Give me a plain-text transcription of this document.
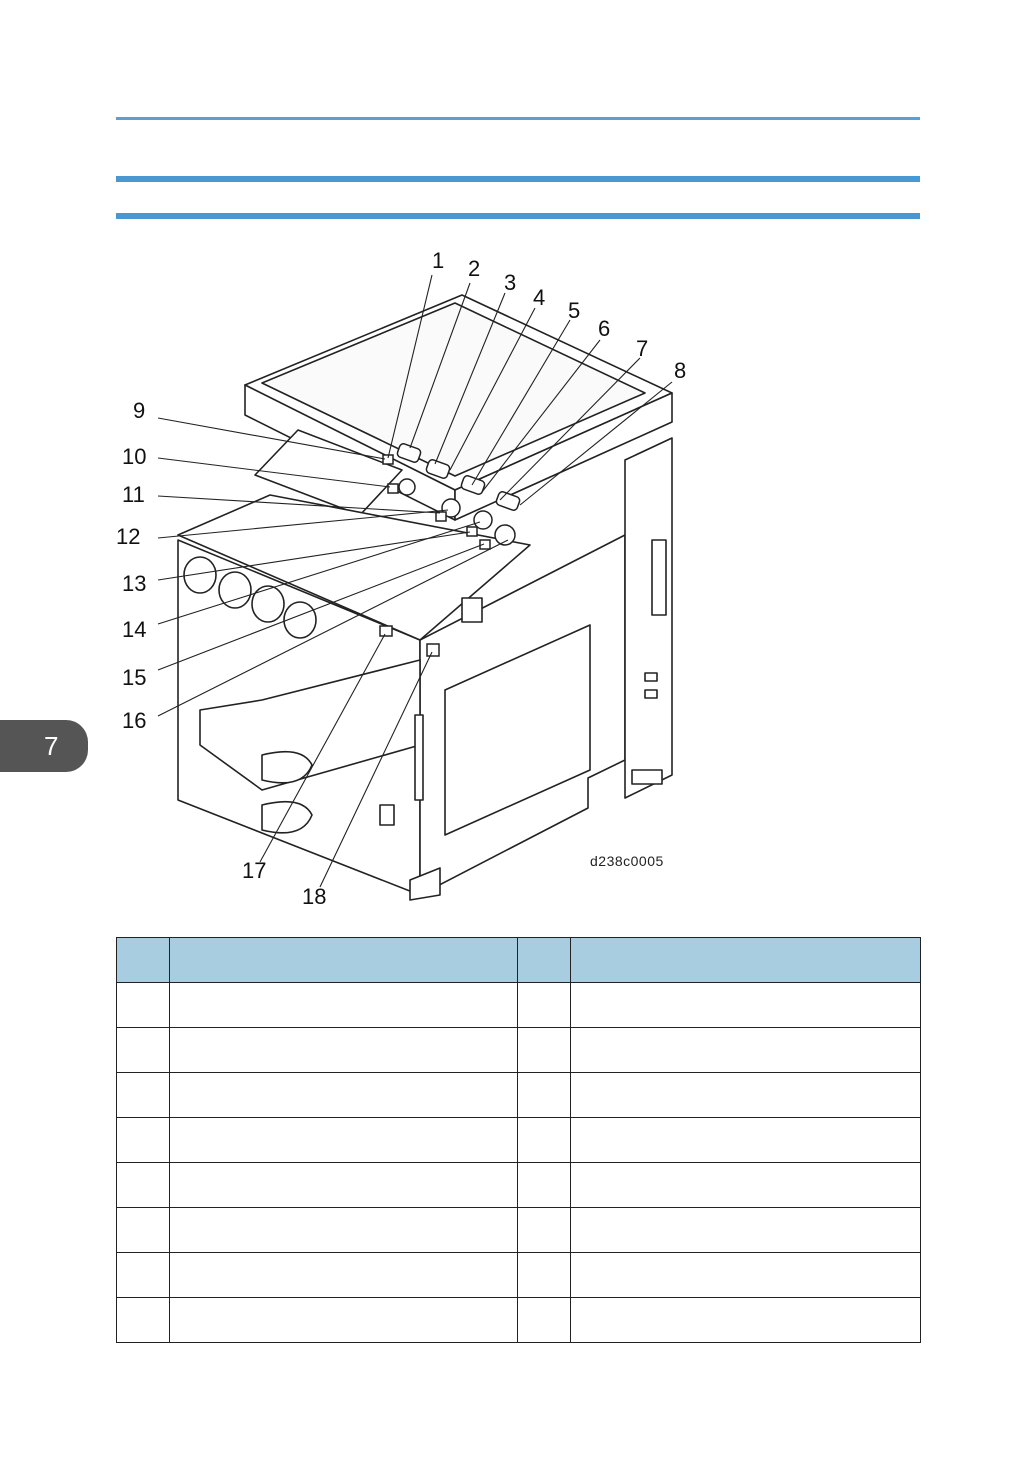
7
1 2
3
4
5
6
7
8
9
10
11
12
13
14
15
16
17
18
d238c0005
